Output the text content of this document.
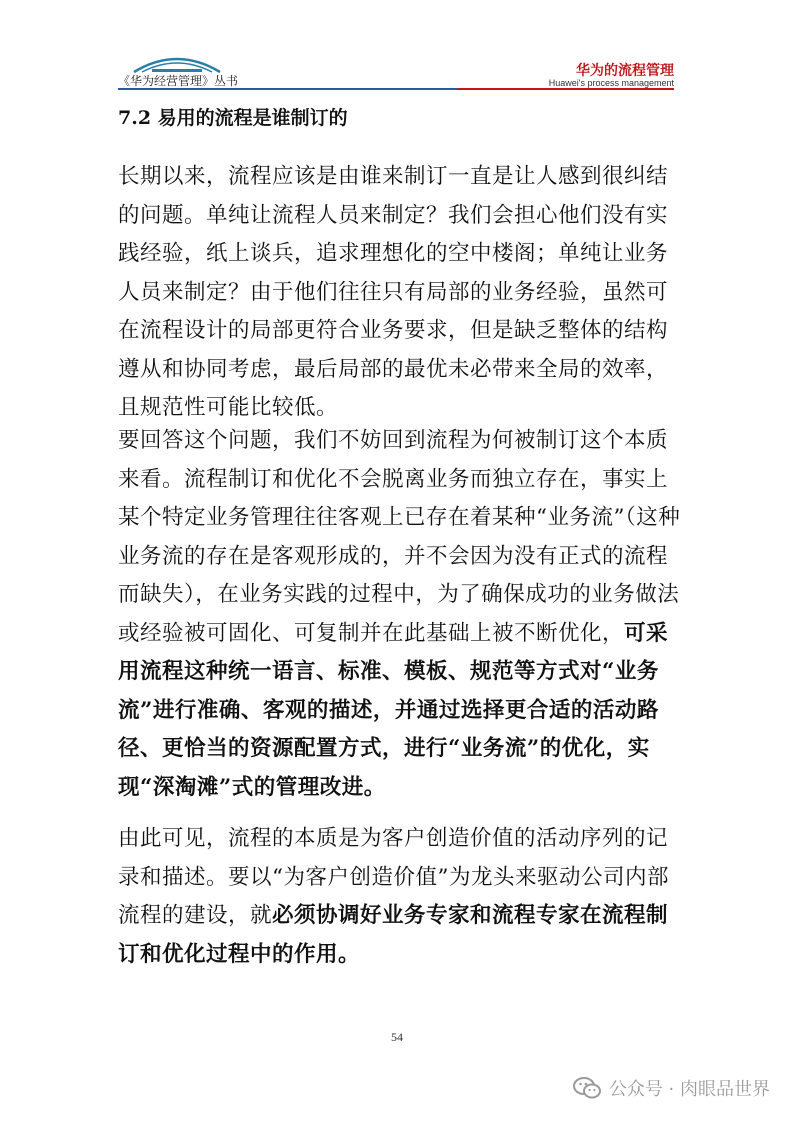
《华为经营管理》丛书
华为的流程管理
Huawei's process management
7.2 易用的流程是谁制订的

长期以来，流程应该是由谁来制订一直是让人感到很纠结的问题。单纯让流程人员来制定？我们会担心他们没有实践经验，纸上谈兵，追求理想化的空中楼阁；单纯让业务人员来制定？由于他们往往只有局部的业务经验，虽然可在流程设计的局部更符合业务要求，但是缺乏整体的结构遵从和协同考虑，最后局部的最优未必带来全局的效率，且规范性可能比较低。

要回答这个问题，我们不妨回到流程为何被制订这个本质来看。流程制订和优化不会脱离业务而独立存在，事实上某个特定业务管理往往客观上已存在着某种“业务流”（这种业务流的存在是客观形成的，并不会因为没有正式的流程而缺失），在业务实践的过程中，为了确保成功的业务做法或经验被可固化、可复制并在此基础上被不断优化，可采用流程这种统一语言、标准、模板、规范等方式对“业务流”进行准确、客观的描述，并通过选择更合适的活动路径、更恰当的资源配置方式，进行“业务流”的优化，实现“深淘滩”式的管理改进。

由此可见，流程的本质是为客户创造价值的活动序列的记录和描述。要以“为客户创造价值”为龙头来驱动公司内部流程的建设，就必须协调好业务专家和流程专家在流程制订和优化过程中的作用。

54
公众号 · 肉眼品世界
